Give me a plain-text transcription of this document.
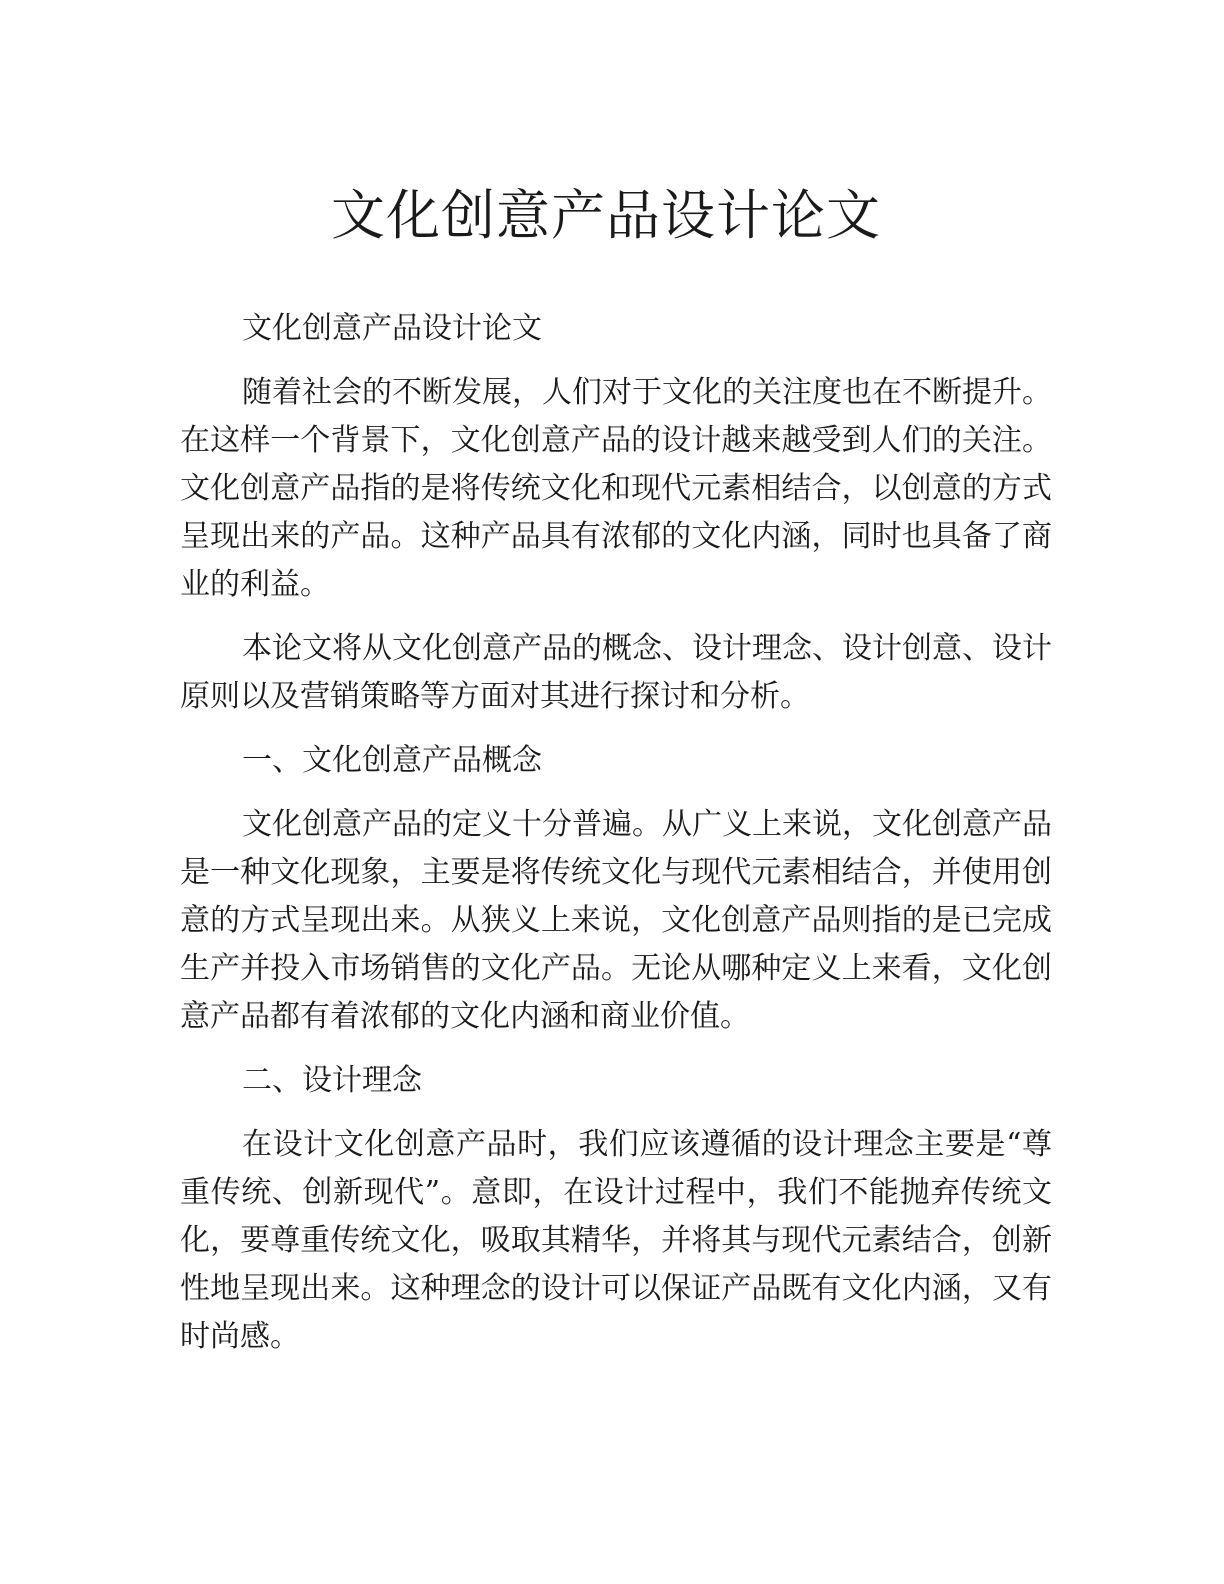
文化创意产品设计论文

文化创意产品设计论文

随着社会的不断发展，人们对于文化的关注度也在不断提升。在这样一个背景下，文化创意产品的设计越来越受到人们的关注。文化创意产品指的是将传统文化和现代元素相结合，以创意的方式呈现出来的产品。这种产品具有浓郁的文化内涵，同时也具备了商业的利益。

本论文将从文化创意产品的概念、设计理念、设计创意、设计原则以及营销策略等方面对其进行探讨和分析。

一、文化创意产品概念

文化创意产品的定义十分普遍。从广义上来说，文化创意产品是一种文化现象，主要是将传统文化与现代元素相结合，并使用创意的方式呈现出来。从狭义上来说，文化创意产品则指的是已完成生产并投入市场销售的文化产品。无论从哪种定义上来看，文化创意产品都有着浓郁的文化内涵和商业价值。

二、设计理念

在设计文化创意产品时，我们应该遵循的设计理念主要是“尊重传统、创新现代”。意即，在设计过程中，我们不能抛弃传统文化，要尊重传统文化，吸取其精华，并将其与现代元素结合，创新性地呈现出来。这种理念的设计可以保证产品既有文化内涵，又有时尚感。
